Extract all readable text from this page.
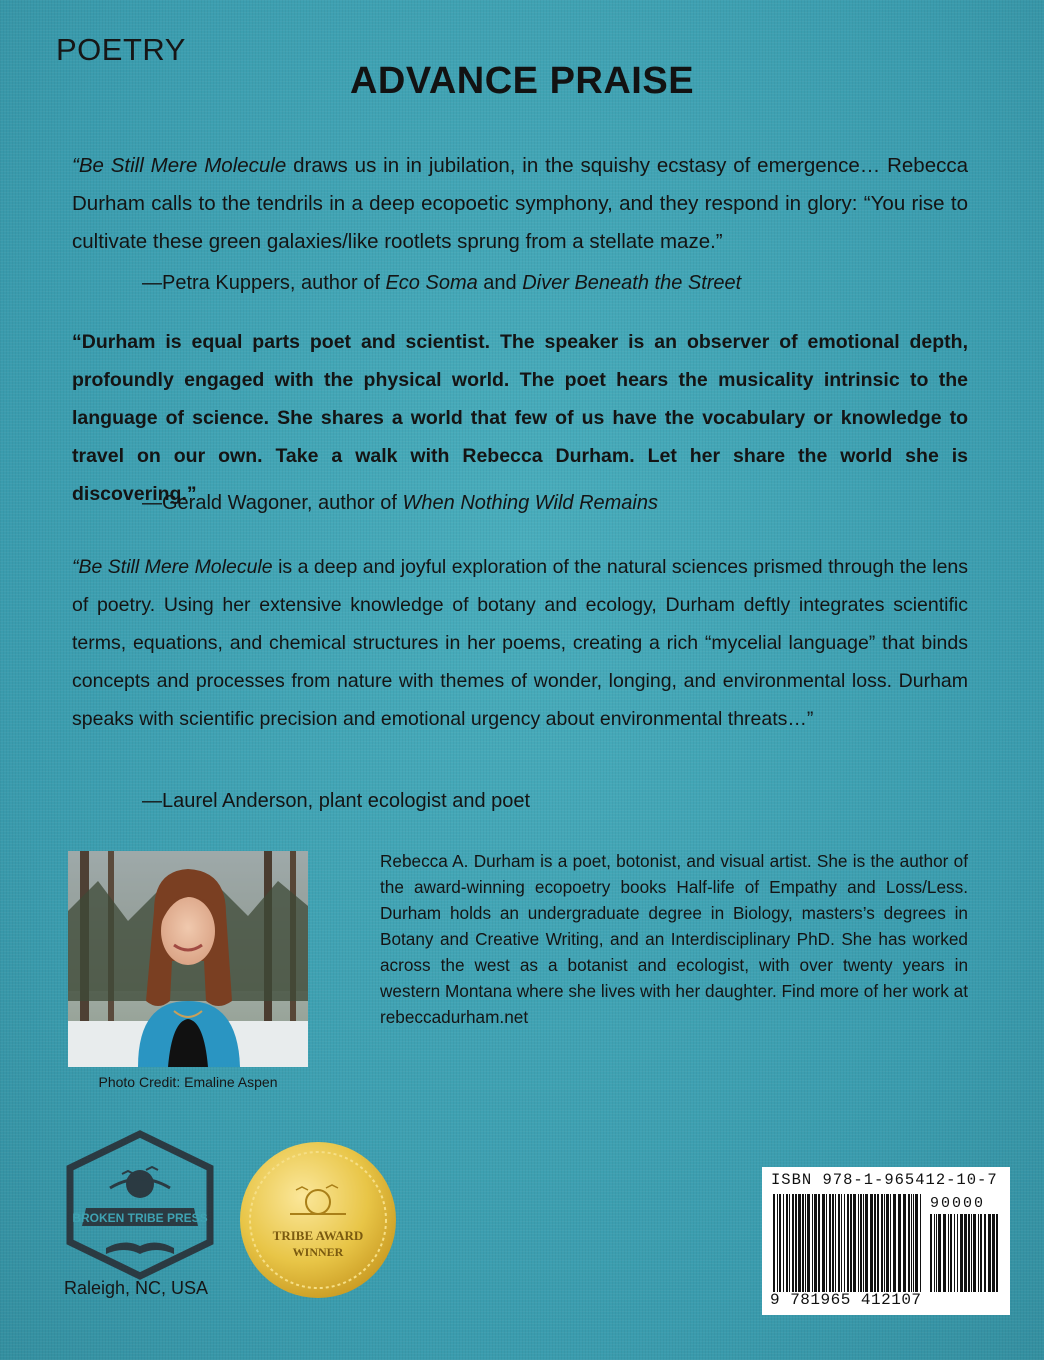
POETRY
ADVANCE PRAISE
“Be Still Mere Molecule draws us in in jubilation, in the squishy ecstasy of emergence… Rebecca Durham calls to the tendrils in a deep ecopoetic symphony, and they respond in glory: “You rise to cultivate these green galaxies/like rootlets sprung from a stellate maze.”
—Petra Kuppers, author of Eco Soma and Diver Beneath the Street
“Durham is equal parts poet and scientist. The speaker is an observer of emotional depth, profoundly engaged with the physical world. The poet hears the musicality intrinsic to the language of science. She shares a world that few of us have the vocabulary or knowledge to travel on our own. Take a walk with Rebecca Durham. Let her share the world she is discovering.”
—Gerald Wagoner, author of When Nothing Wild Remains
“Be Still Mere Molecule is a deep and joyful exploration of the natural sciences prismed through the lens of poetry. Using her extensive knowledge of botany and ecology, Durham deftly integrates scientific terms, equations, and chemical structures in her poems, creating a rich “mycelial language” that binds concepts and processes from nature with themes of wonder, longing, and environmental loss. Durham speaks with scientific precision and emotional urgency about environmental threats…”
—Laurel Anderson, plant ecologist and poet
Photo Credit: Emaline Aspen
Rebecca A. Durham is a poet, botonist, and visual artist. She is the author of the award-winning ecopoetry books Half-life of Empathy and Loss/Less. Durham holds an undergraduate degree in Biology, masters’s degrees in Botany and Creative Writing, and an Interdisciplinary PhD. She has worked across the west as a botanist and ecologist, with over twenty years in western Montana where she lives with her daughter. Find more of her work at rebeccadurham.net
BROKEN TRIBE PRESS
Raleigh, NC, USA
TRIBE AWARD
WINNER
ISBN 978-1-965412-10-7
90000
9 781965 412107
